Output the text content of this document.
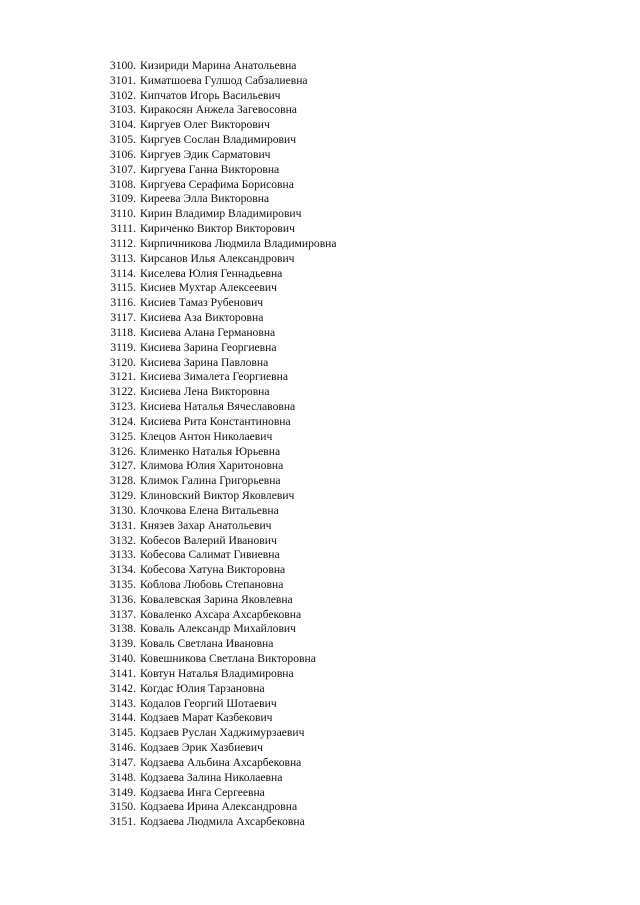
3100. Кизириди Марина Анатольевна
3101. Киматшоева Гулшод Сабзалиевна
3102. Кипчатов Игорь Васильевич
3103. Киракосян Анжела Загевосовна
3104. Киргуев Олег Викторович
3105. Киргуев Сослан Владимирович
3106. Киргуев Эдик Сарматович
3107. Киргуева Ганна Викторовна
3108. Киргуева Серафима Борисовна
3109. Киреева Элла Викторовна
3110. Кирин Владимир Владимирович
3111. Кириченко Виктор Викторович
3112. Кирпичникова Людмила Владимировна
3113. Кирсанов Илья Александрович
3114. Киселева Юлия Геннадьевна
3115. Кисиев Мухтар Алексеевич
3116. Кисиев Тамаз Рубенович
3117. Кисиева Аза Викторовна
3118. Кисиева Алана Германовна
3119. Кисиева Зарина Георгиевна
3120. Кисиева Зарина Павловна
3121. Кисиева Зималета Георгиевна
3122. Кисиева Лена Викторовна
3123. Кисиева Наталья Вячеславовна
3124. Кисиева Рита Константиновна
3125. Клецов Антон Николаевич
3126. Клименко Наталья Юрьевна
3127. Климова Юлия Харитоновна
3128. Климок Галина Григорьевна
3129. Клиновский Виктор Яковлевич
3130. Клочкова Елена Витальевна
3131. Князев Захар Анатольевич
3132. Кобесов Валерий Иванович
3133. Кобесова Салимат Гивиевна
3134. Кобесова Хатуна Викторовна
3135. Коблова Любовь Степановна
3136. Ковалевская Зарина Яковлевна
3137. Коваленко Ахсара Ахсарбековна
3138. Коваль Александр Михайлович
3139. Коваль Светлана Ивановна
3140. Ковешникова Светлана Викторовна
3141. Ковтун Наталья Владимировна
3142. Когдас Юлия Тарзановна
3143. Кодалов Георгий Шотаевич
3144. Кодзаев Марат Казбекович
3145. Кодзаев Руслан Хаджимурзаевич
3146. Кодзаев Эрик Хазбиевич
3147. Кодзаева Альбина Ахсарбековна
3148. Кодзаева Залина Николаевна
3149. Кодзаева Инга Сергеевна
3150. Кодзаева Ирина Александровна
3151. Кодзаева Людмила Ахсарбековна
